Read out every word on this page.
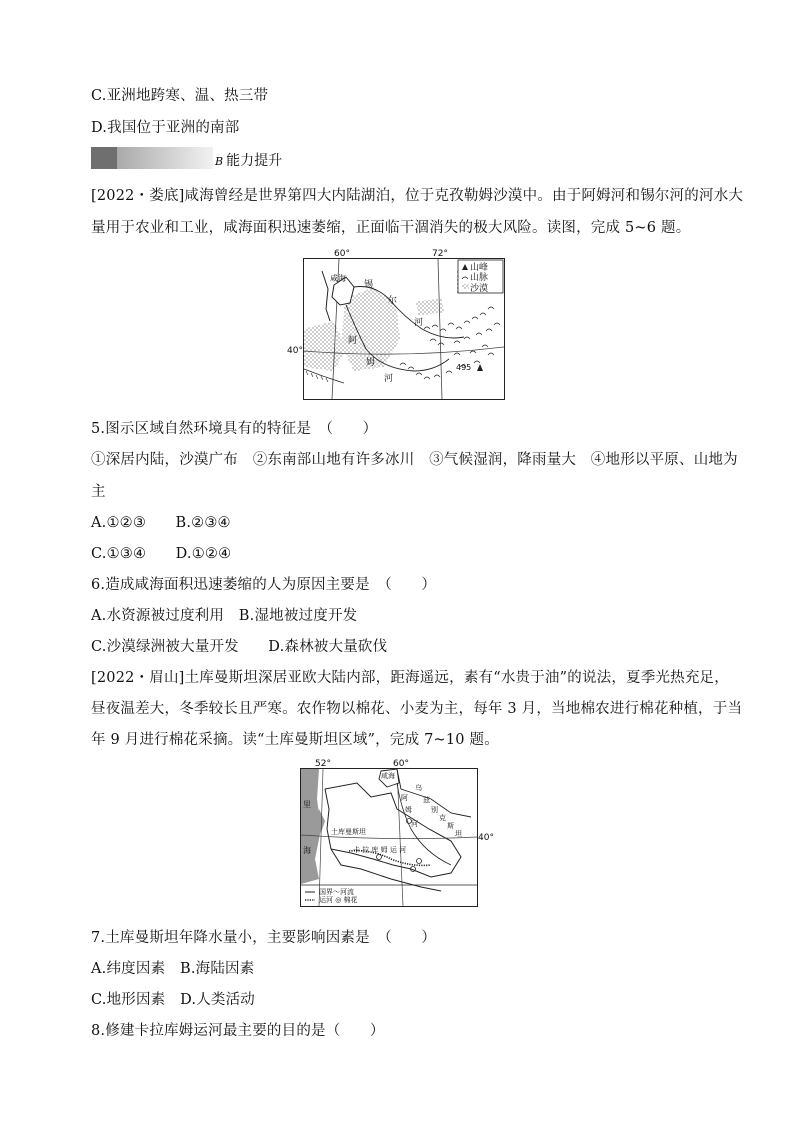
C.亚洲地跨寒、温、热三带
D.我国位于亚洲的南部
B 能力提升
[2022・娄底]咸海曾经是世界第四大内陆湖泊，位于克孜勒姆沙漠中。由于阿姆河和锡尔河的河水大
量用于农业和工业，咸海面积迅速萎缩，正面临干涸消失的极大风险。读图，完成 5~6 题。
山峰
山脉
沙漠
咸海
锡
尔
河
阿
姆
河
495
60°	72°
40°
5.图示区域自然环境具有的特征是　（　　）
①深居内陆，沙漠广布　②东南部山地有许多冰川　③气候湿润，降雨量大　④地形以平原、山地为
主
A.①②③　　B.②③④
C.①③④　　D.①②④
6.造成咸海面积迅速萎缩的人为原因主要是　（　　）
A.水资源被过度利用　B.湿地被过度开发
C.沙漠绿洲被大量开发　　D.森林被大量砍伐
[2022・眉山]土库曼斯坦深居亚欧大陆内部，距海遥远，素有“水贵于油”的说法，夏季光热充足，
昼夜温差大，冬季较长且严寒。农作物以棉花、小麦为主，每年 3 月，当地棉农进行棉花种植，于当
年 9 月进行棉花采摘。读“土库曼斯坦区域”，完成 7~10 题。
里
海
咸海
土库曼斯坦
卡 拉 库 姆 运 河
阿
姆
河
乌
兹
别
克
斯
坦
国界～河流
运河 ◎ 棉花
52°	60°
40°
7.土库曼斯坦年降水量小，主要影响因素是　（　　）
A.纬度因素　B.海陆因素
C.地形因素　D.人类活动
8.修建卡拉库姆运河最主要的目的是（　　）
